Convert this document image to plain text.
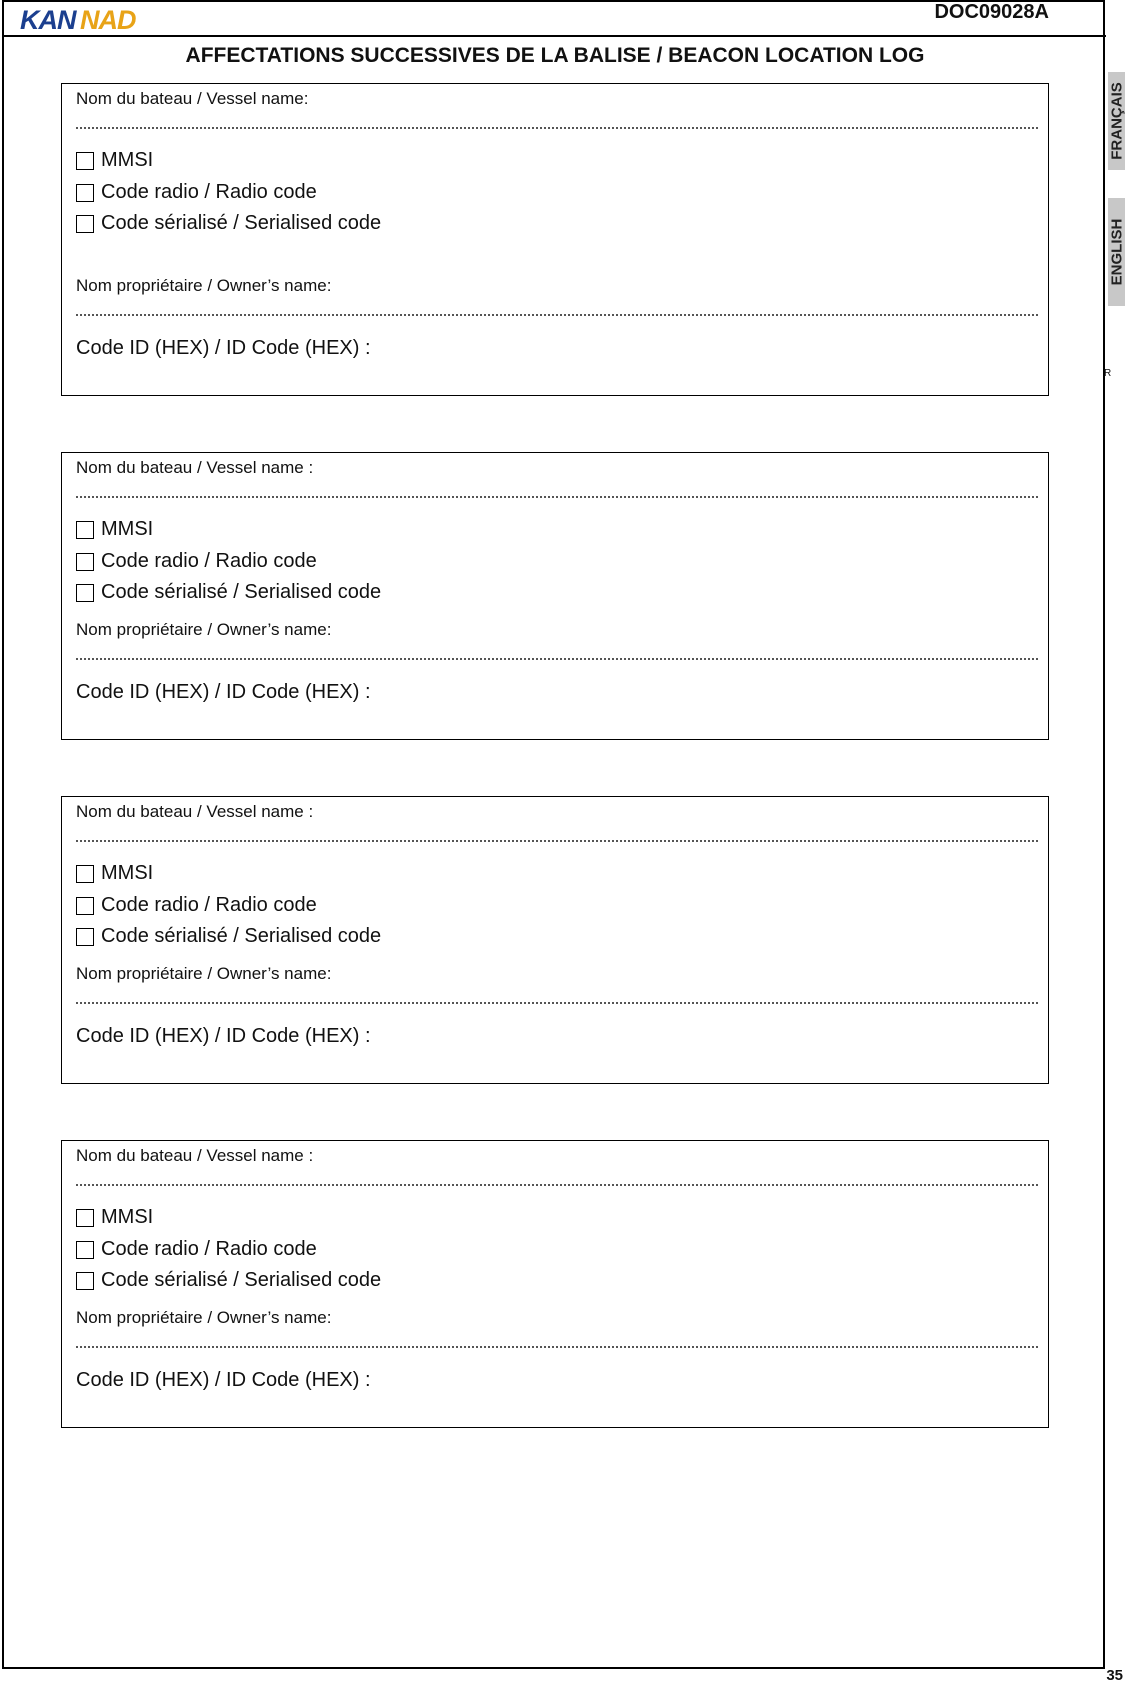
KAN NAD	DOC09028A
AFFECTATIONS SUCCESSIVES DE LA BALISE / BEACON LOCATION LOG
FRANÇAIS
ENGLISH
R
Nom du bateau / Vessel name:
MMSI
Code radio / Radio code
Code sérialisé / Serialised code
Nom propriétaire / Owner’s name:
Code ID (HEX) / ID Code (HEX) :
Nom du bateau / Vessel name :
MMSI
Code radio / Radio code
Code sérialisé / Serialised code
Nom propriétaire / Owner’s name:
Code ID (HEX) / ID Code (HEX) :
Nom du bateau / Vessel name :
MMSI
Code radio / Radio code
Code sérialisé / Serialised code
Nom propriétaire / Owner’s name:
Code ID (HEX) / ID Code (HEX) :
Nom du bateau / Vessel name :
MMSI
Code radio / Radio code
Code sérialisé / Serialised code
Nom propriétaire / Owner’s name:
Code ID (HEX) / ID Code (HEX) :
35
